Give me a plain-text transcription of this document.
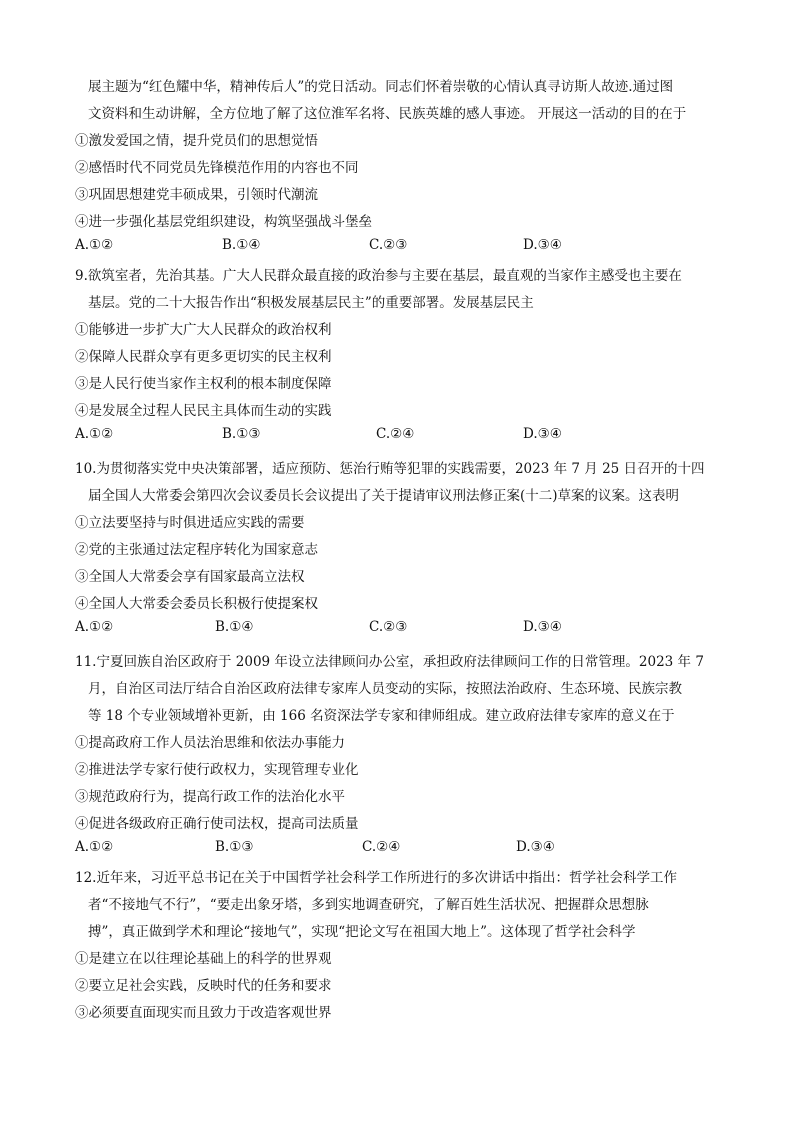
展主题为“红色耀中华，精神传后人”的党日活动。同志们怀着崇敬的心情认真寻访斯人故迹.通过图
文资料和生动讲解，全方位地了解了这位淮军名将、民族英雄的感人事迹。 开展这一活动的目的在于
①激发爱国之情，提升党员们的思想觉悟
②感悟时代不同党员先锋模范作用的内容也不同
③巩固思想建党丰硕成果，引领时代潮流
④进一步强化基层党组织建设，构筑坚强战斗堡垒
A.①②	B.①④	C.②③	D.③④
9.欲筑室者，先治其基。广大人民群众最直接的政治参与主要在基层，最直观的当家作主感受也主要在
基层。党的二十大报告作出“积极发展基层民主”的重要部署。发展基层民主
①能够进一步扩大广大人民群众的政治权利
②保障人民群众享有更多更切实的民主权利
③是人民行使当家作主权利的根本制度保障
④是发展全过程人民民主具体而生动的实践
A.①②	B.①③	C.②④	D.③④
10.为贯彻落实党中央决策部署，适应预防、惩治行贿等犯罪的实践需要，2023 年 7 月 25 日召开的十四
届全国人大常委会第四次会议委员长会议提出了关于提请审议刑法修正案(十二)草案的议案。这表明
①立法要坚持与时俱进适应实践的需要
②党的主张通过法定程序转化为国家意志
③全国人大常委会享有国家最高立法权
④全国人大常委会委员长积极行使提案权
A.①②	B.①④	C.②③	D.③④
11.宁夏回族自治区政府于 2009 年设立法律顾问办公室，承担政府法律顾问工作的日常管理。2023 年 7
月，自治区司法厅结合自治区政府法律专家库人员变动的实际，按照法治政府、生态环境、民族宗教
等 18 个专业领域增补更新，由 166 名资深法学专家和律师组成。建立政府法律专家库的意义在于
①提高政府工作人员法治思维和依法办事能力
②推进法学专家行使行政权力，实现管理专业化
③规范政府行为，提高行政工作的法治化水平
④促进各级政府正确行使司法权，提高司法质量
A.①②	B.①③	C.②④	D.③④
12.近年来，习近平总书记在关于中国哲学社会科学工作所进行的多次讲话中指出：哲学社会科学工作
者“不接地气不行”，“要走出象牙塔，多到实地调查研究，了解百姓生活状况、把握群众思想脉
搏”，真正做到学术和理论“接地气”，实现“把论文写在祖国大地上”。这体现了哲学社会科学
①是建立在以往理论基础上的科学的世界观
②要立足社会实践，反映时代的任务和要求
③必须要直面现实而且致力于改造客观世界
